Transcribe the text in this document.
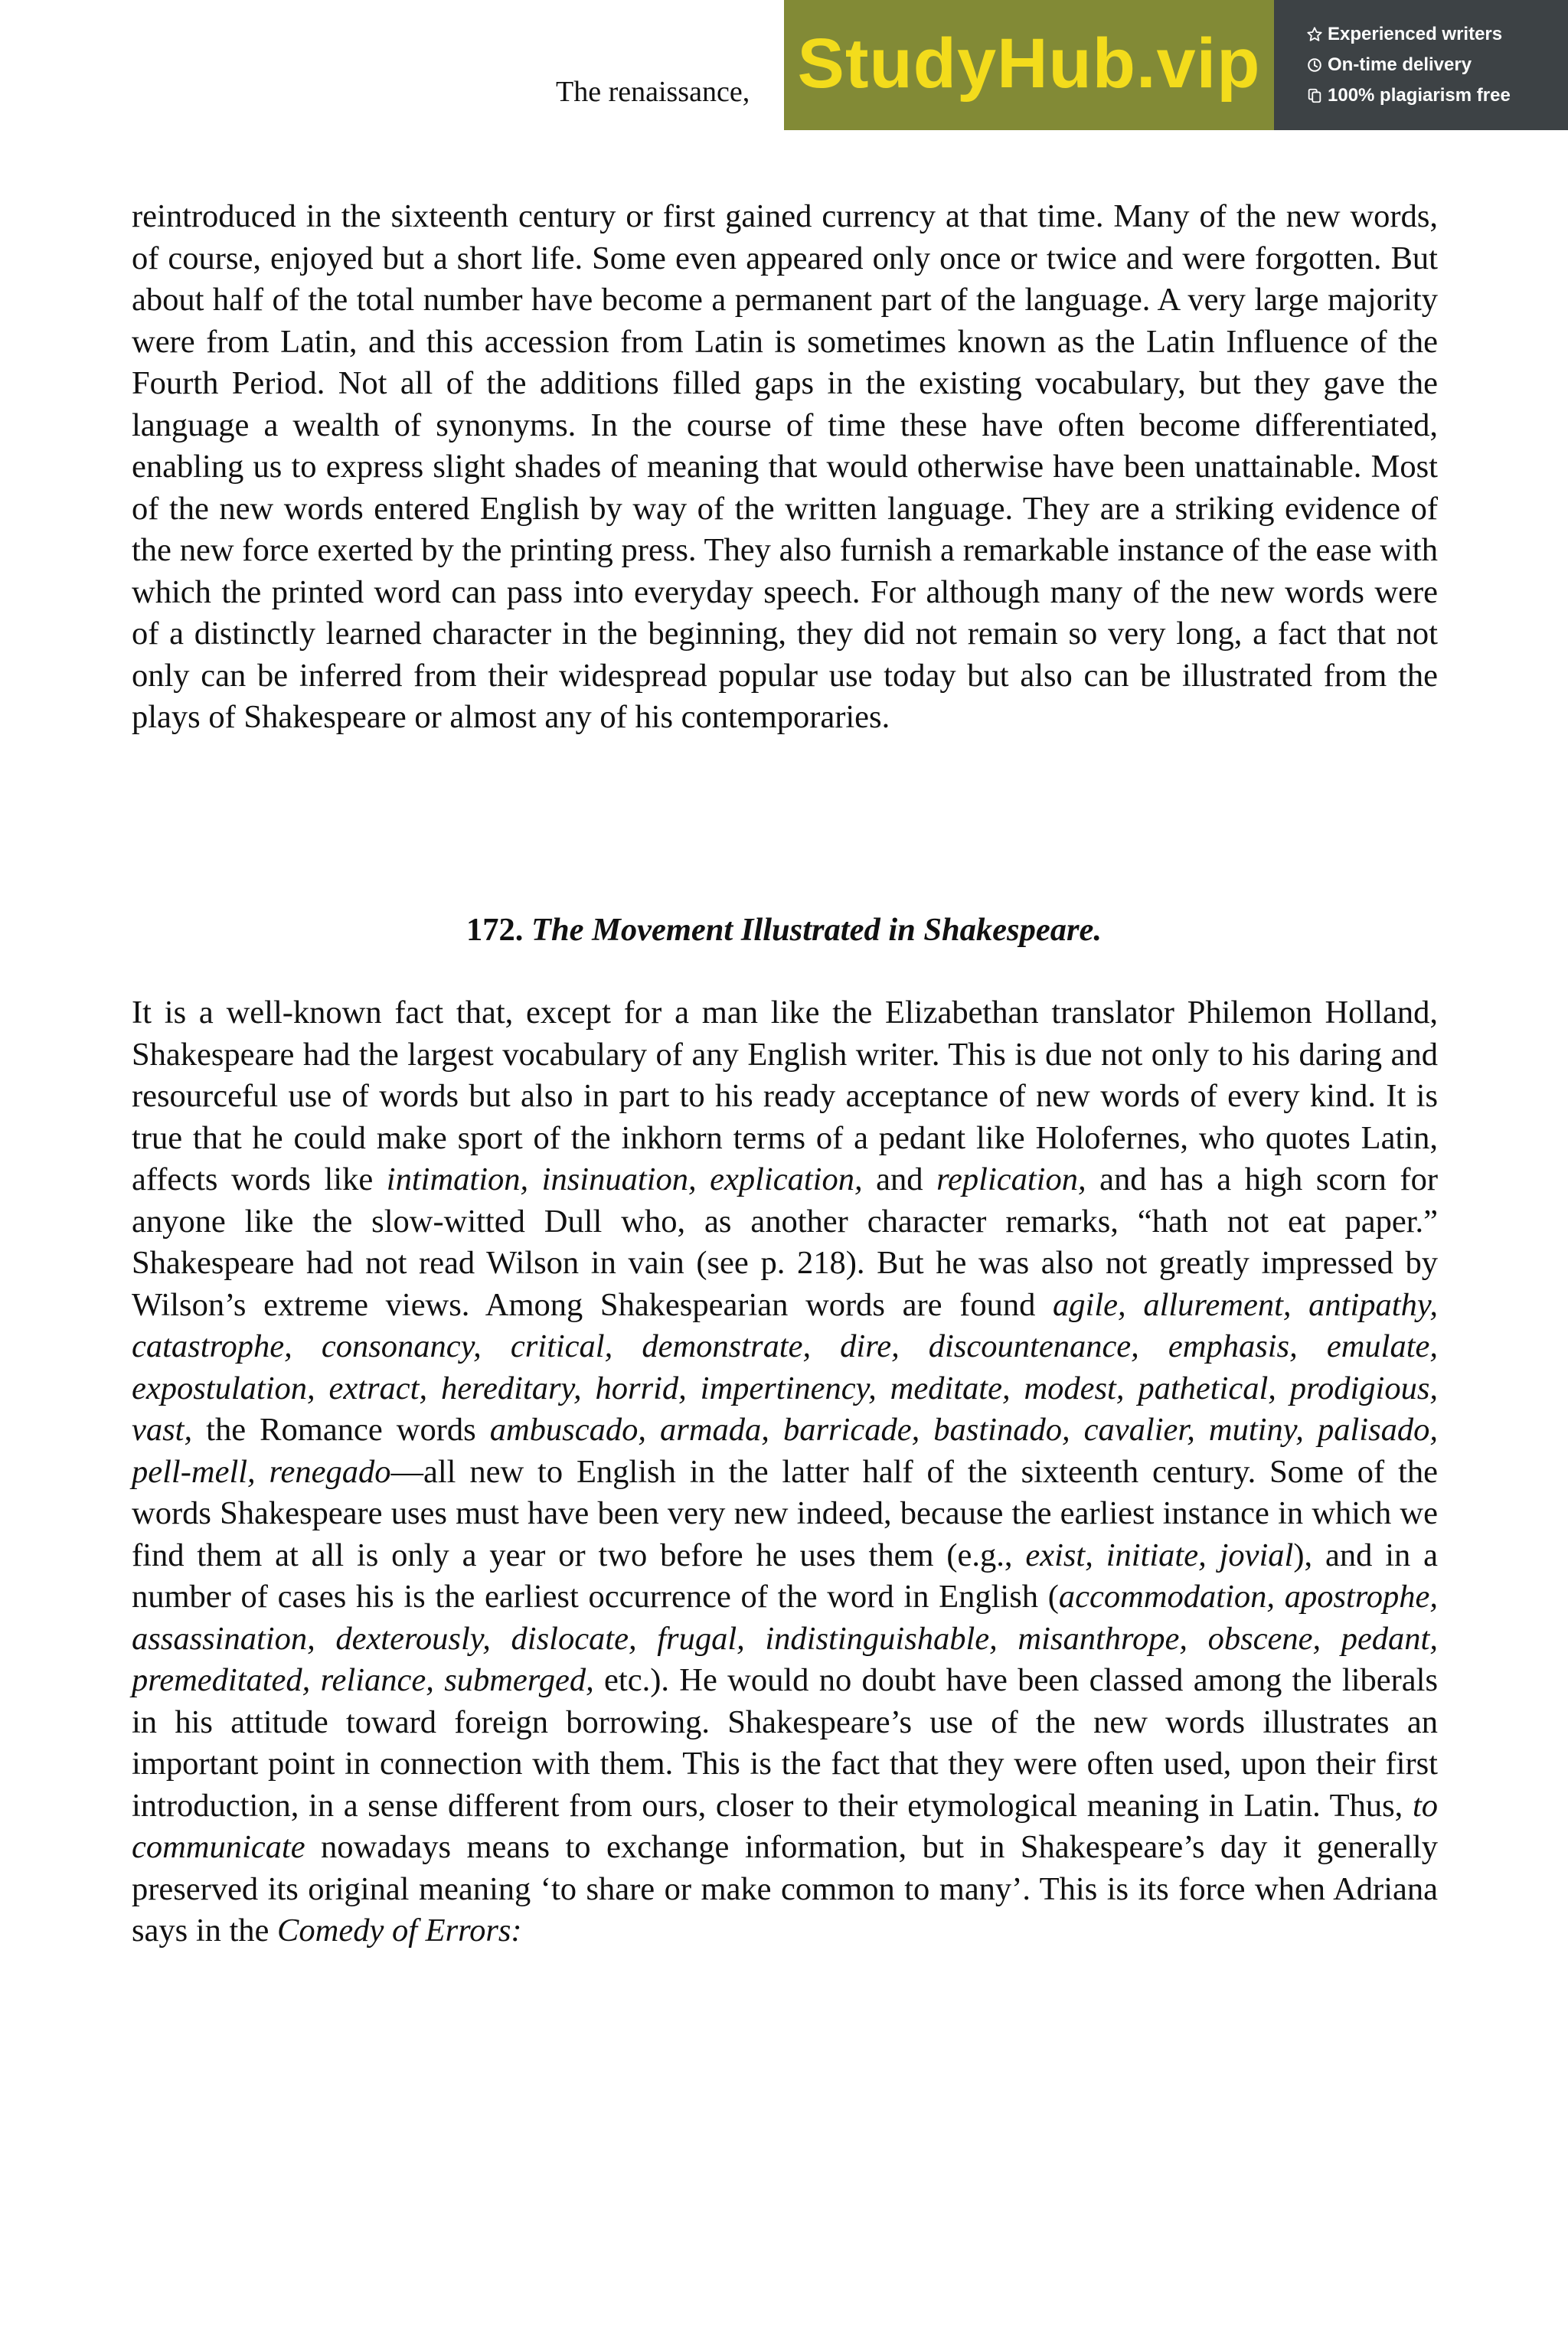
The renaissance, StudyHub.vip	Experienced writers
On-time delivery
100% plagiarism free

reintroduced in the sixteenth century or first gained currency at that time. Many of the new words, of course, enjoyed but a short life. Some even appeared only once or twice and were forgotten. But about half of the total number have become a permanent part of the language. A very large majority were from Latin, and this accession from Latin is sometimes known as the Latin Influence of the Fourth Period. Not all of the additions filled gaps in the existing vocabulary, but they gave the language a wealth of synonyms. In the course of time these have often become differentiated, enabling us to express slight shades of meaning that would otherwise have been unattainable. Most of the new words entered English by way of the written language. They are a striking evidence of the new force exerted by the printing press. They also furnish a remarkable instance of the ease with which the printed word can pass into everyday speech. For although many of the new words were of a distinctly learned character in the beginning, they did not remain so very long, a fact that not only can be inferred from their widespread popular use today but also can be illustrated from the plays of Shakespeare or almost any of his contemporaries.

172. The Movement Illustrated in Shakespeare.

It is a well-known fact that, except for a man like the Elizabethan translator Philemon Holland, Shakespeare had the largest vocabulary of any English writer. This is due not only to his daring and resourceful use of words but also in part to his ready acceptance of new words of every kind. It is true that he could make sport of the inkhorn terms of a pedant like Holofernes, who quotes Latin, affects words like intimation, insinuation, explication, and replication, and has a high scorn for anyone like the slow-witted Dull who, as another character remarks, “hath not eat paper.” Shakespeare had not read Wilson in vain (see p. 218). But he was also not greatly impressed by Wilson’s extreme views. Among Shakespearian words are found agile, allurement, antipathy, catastrophe, consonancy, critical, demonstrate, dire, discountenance, emphasis, emulate, expostulation, extract, hereditary, horrid, impertinency, meditate, modest, pathetical, prodigious, vast, the Romance words ambuscado, armada, barricade, bastinado, cavalier, mutiny, palisado, pell-mell, renegado—all new to English in the latter half of the sixteenth century. Some of the words Shakespeare uses must have been very new indeed, because the earliest instance in which we find them at all is only a year or two before he uses them (e.g., exist, initiate, jovial), and in a number of cases his is the earliest occurrence of the word in English (accommodation, apostrophe, assassination, dexterously, dislocate, frugal, indistinguishable, misanthrope, obscene, pedant, premeditated, reliance, submerged, etc.). He would no doubt have been classed among the liberals in his attitude toward foreign borrowing. Shakespeare’s use of the new words illustrates an important point in connection with them. This is the fact that they were often used, upon their first introduction, in a sense different from ours, closer to their etymological meaning in Latin. Thus, to communicate nowadays means to exchange information, but in Shakespeare’s day it generally preserved its original meaning ‘to share or make common to many’. This is its force when Adriana says in the Comedy of Errors:
